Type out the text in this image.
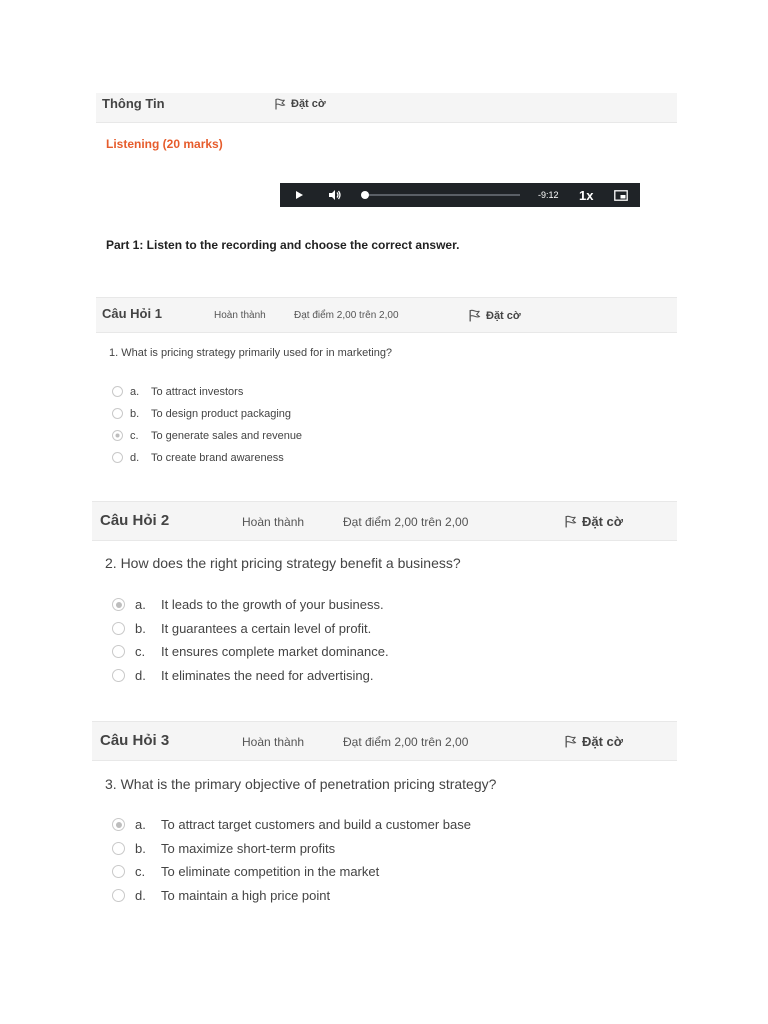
Thông Tin	Đặt cờ
Listening (20 marks)
-9:12 1x
Part 1: Listen to the recording and choose the correct answer.
Câu Hỏi 1	Hoàn thành	Đạt điểm 2,00 trên 2,00	Đặt cờ
1. What is pricing strategy primarily used for in marketing?
a.	To attract investors
b.	To design product packaging
c.	To generate sales and revenue
d.	To create brand awareness
Câu Hỏi 2	Hoàn thành	Đạt điểm 2,00 trên 2,00	Đặt cờ
2. How does the right pricing strategy benefit a business?
a.	It leads to the growth of your business.
b.	It guarantees a certain level of profit.
c.	It ensures complete market dominance.
d.	It eliminates the need for advertising.
Câu Hỏi 3	Hoàn thành	Đạt điểm 2,00 trên 2,00	Đặt cờ
3. What is the primary objective of penetration pricing strategy?
a.	To attract target customers and build a customer base
b.	To maximize short-term profits
c.	To eliminate competition in the market
d.	To maintain a high price point
